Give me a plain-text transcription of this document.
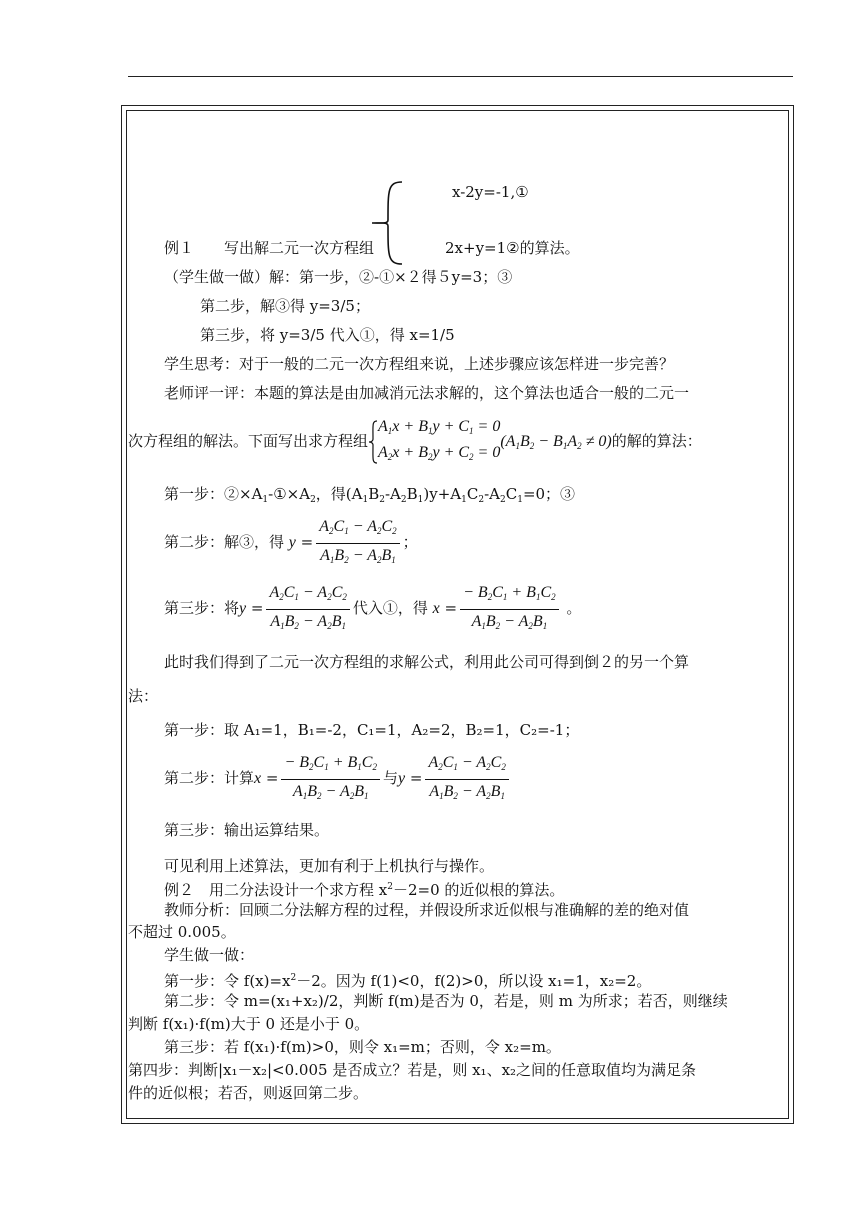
x-2y=-1,①
例１　　写出解二元一次方程组	2x+y=1②的算法。
（学生做一做）解：第一步，②-①×２得５y=3；③
第二步，解③得 y=3/5；
第三步，将 y=3/5 代入①，得 x=1/5
学生思考：对于一般的二元一次方程组来说，上述步骤应该怎样进一步完善？
老师评一评：本题的算法是由加减消元法求解的，这个算法也适合一般的二元一
次方程组的解法。下面写出求方程组
$A_1x + B_1y + C_1 = 0$
$A_2x + B_2y + C_2 = 0$
$(A_1B_2 - B_1A_2 \ne 0)$的解的算法：
第一步：$②\times A_1-①\times A_2$，得$(A_1B_2-A_2B_1)y+A_1C_2-A_2C_1=0$；③
第二步：解③，得 $y = \frac{A_2C_1 - A_2C_2}{A_1B_2 - A_2B_1}$ ；
第三步：将$y = \frac{A_2C_1 - A_2C_2}{A_1B_2 - A_2B_1}$ 代入①，得 $x = \frac{- B_2C_1 + B_1C_2}{A_1B_2 - A_2B_1}$ 。
此时我们得到了二元一次方程组的求解公式，利用此公司可得到倒２的另一个算
法：
第一步：取 A₁=1，B₁=-2，C₁=1，A₂=2，B₂=1，C₂=-1；
第二步：计算$x = \frac{- B_2C_1 + B_1C_2}{A_1B_2 - A_2B_1}$ 与$y = \frac{A_2C_1 - A_2C_2}{A_1B_2 - A_2B_1}$
第三步：输出运算结果。
可见利用上述算法，更加有利于上机执行与操作。
例２　用二分法设计一个求方程 $x^2-2=0$ 的近似根的算法。
教师分析：回顾二分法解方程的过程，并假设所求近似根与准确解的差的绝对值
不超过 0.005。
学生做一做：
第一步：令 $f(x)=x^2-2$。因为 f(1)<0，f(2)>0，所以设 x₁=1，x₂=2。
第二步：令 m=(x₁+x₂)/2，判断 f(m)是否为 0，若是，则 m 为所求；若否，则继续
判断 f(x₁)·f(m)大于 0 还是小于 0。
第三步：若 f(x₁)·f(m)>0，则令 x₁=m；否则，令 x₂=m。
第四步：判断|x₁－x₂|<0.005 是否成立？若是，则 x₁、x₂之间的任意取值均为满足条
件的近似根；若否，则返回第二步。
